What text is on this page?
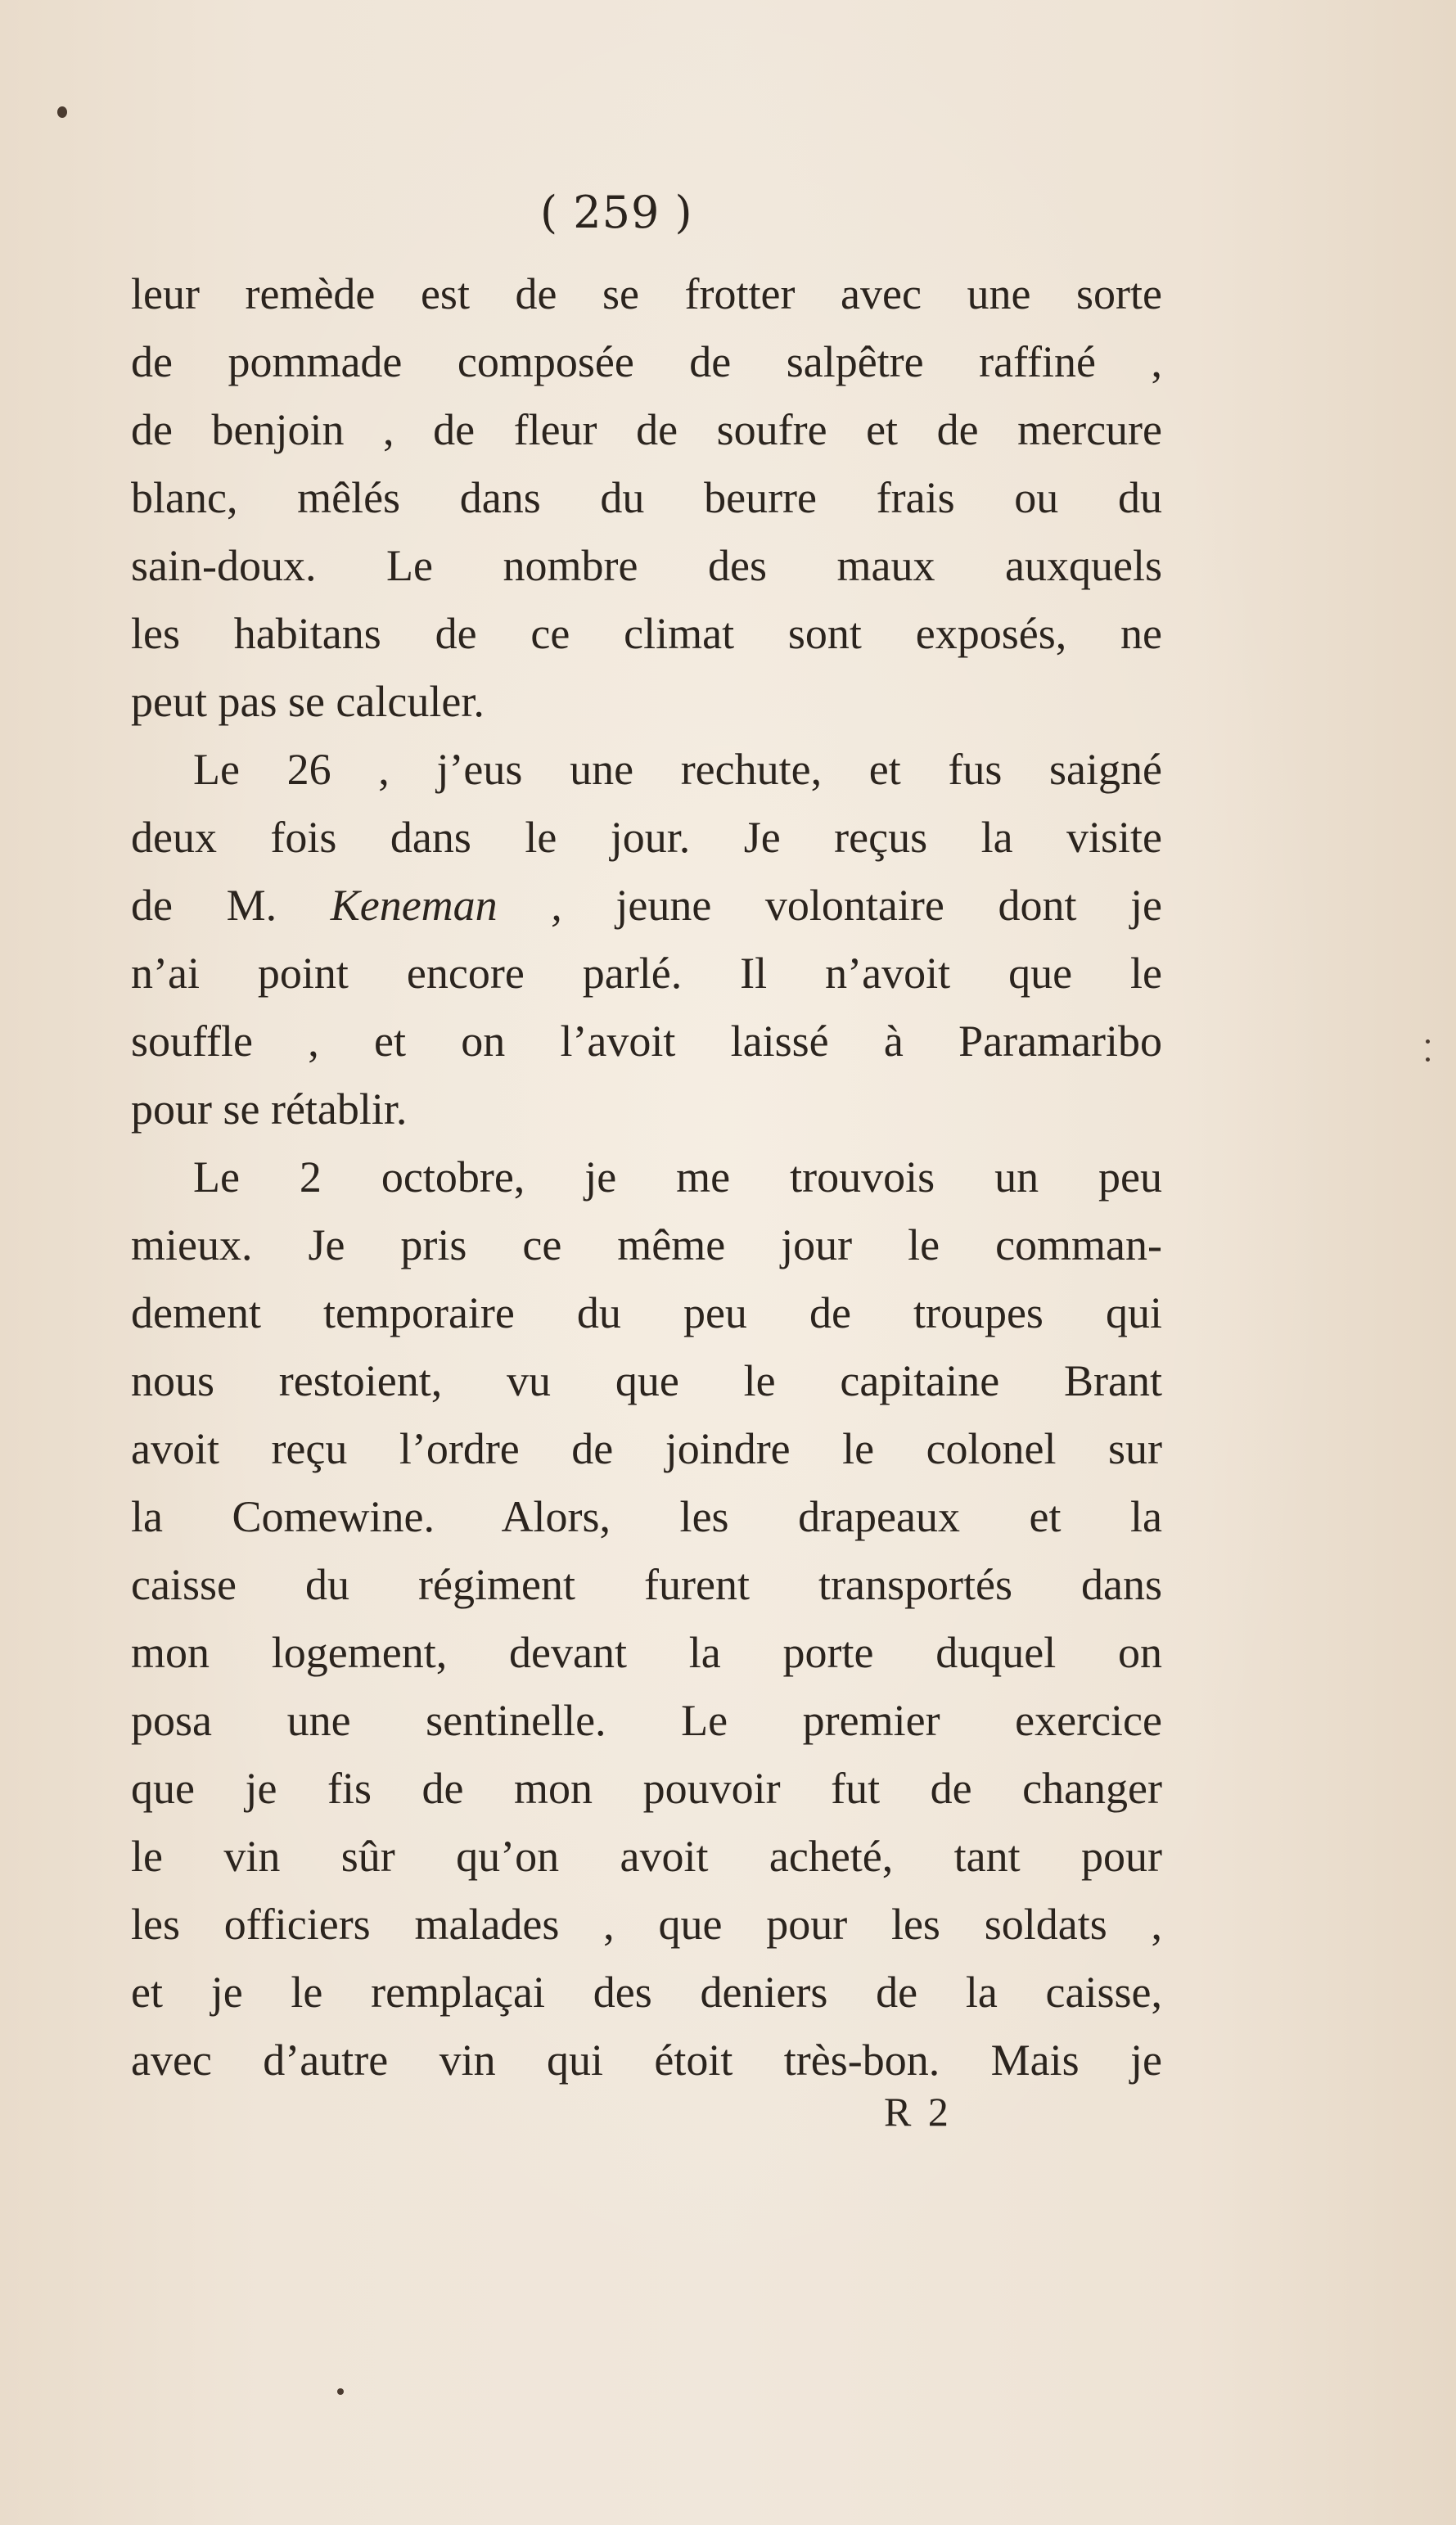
( 259 )
leur remède est de se frotter avec une sorte
de pommade composée de salpêtre raffiné ,
de benjoin , de fleur de soufre et de mercure
blanc, mêlés dans du beurre frais ou du
sain-doux. Le nombre des maux auxquels
les habitans de ce climat sont exposés, ne
peut pas se calculer.
Le 26 , j’eus une rechute, et fus saigné
deux fois dans le jour. Je reçus la visite
de M. Keneman , jeune volontaire dont je
n’ai point encore parlé. Il n’avoit que le
souffle , et on l’avoit laissé à Paramaribo
pour se rétablir.
Le 2 octobre, je me trouvois un peu
mieux. Je pris ce même jour le comman-
dement temporaire du peu de troupes qui
nous restoient, vu que le capitaine Brant
avoit reçu l’ordre de joindre le colonel sur
la Comewine. Alors, les drapeaux et la
caisse du régiment furent transportés dans
mon logement, devant la porte duquel on
posa une sentinelle. Le premier exercice
que je fis de mon pouvoir fut de changer
le vin sûr qu’on avoit acheté, tant pour
les officiers malades , que pour les soldats ,
et je le remplaçai des deniers de la caisse,
avec d’autre vin qui étoit très-bon. Mais je
R 2
